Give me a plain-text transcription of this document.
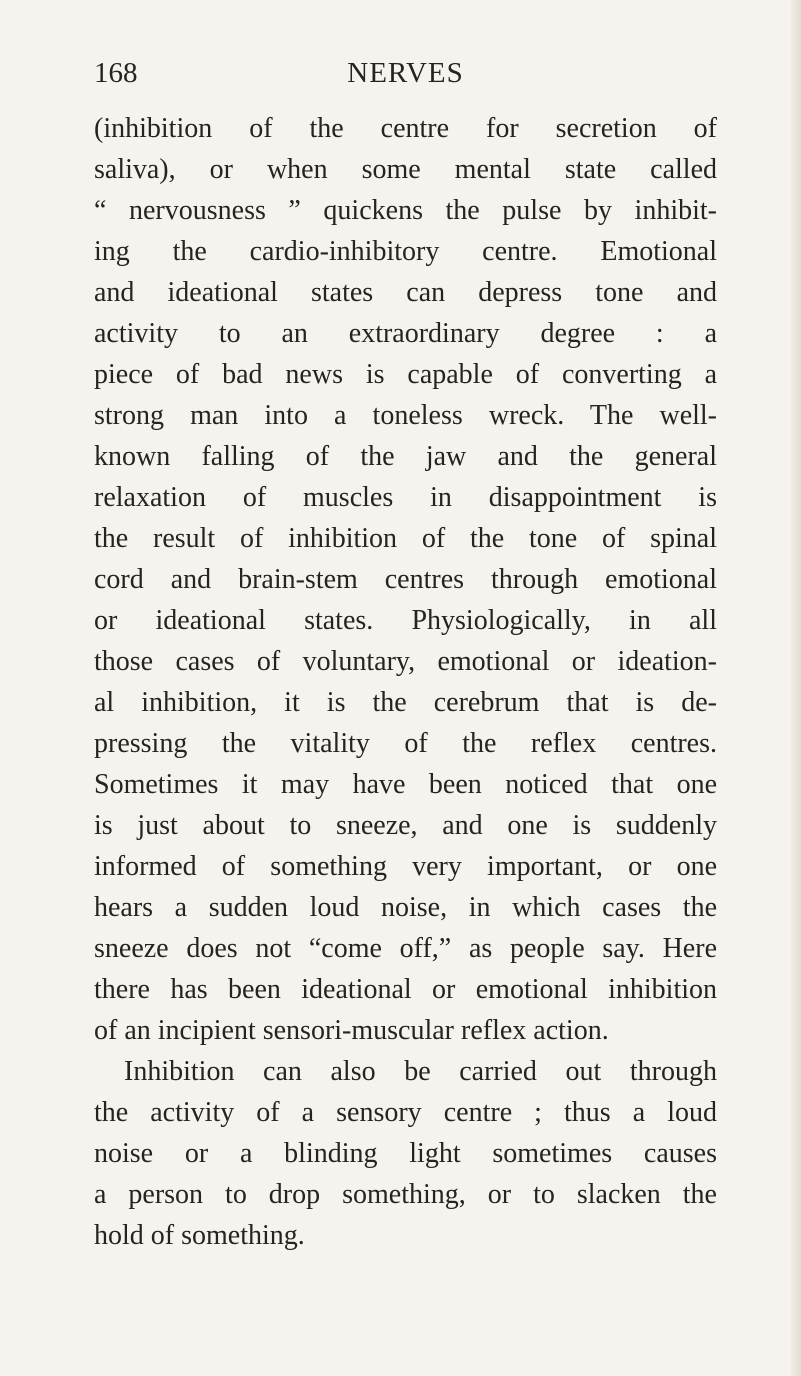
168	NERVES
(inhibition of the centre for secretion of
saliva), or when some mental state called
“ nervousness ” quickens the pulse by inhibit-
ing the cardio-inhibitory centre. Emotional
and ideational states can depress tone and
activity to an extraordinary degree : a
piece of bad news is capable of converting a
strong man into a toneless wreck. The well-
known falling of the jaw and the general
relaxation of muscles in disappointment is
the result of inhibition of the tone of spinal
cord and brain-stem centres through emotional
or ideational states. Physiologically, in all
those cases of voluntary, emotional or ideation-
al inhibition, it is the cerebrum that is de-
pressing the vitality of the reflex centres.
Sometimes it may have been noticed that one
is just about to sneeze, and one is suddenly
informed of something very important, or one
hears a sudden loud noise, in which cases the
sneeze does not “come off,” as people say. Here
there has been ideational or emotional inhibition
of an incipient sensori-muscular reflex action.
Inhibition can also be carried out through
the activity of a sensory centre ; thus a loud
noise or a blinding light sometimes causes
a person to drop something, or to slacken the
hold of something.
